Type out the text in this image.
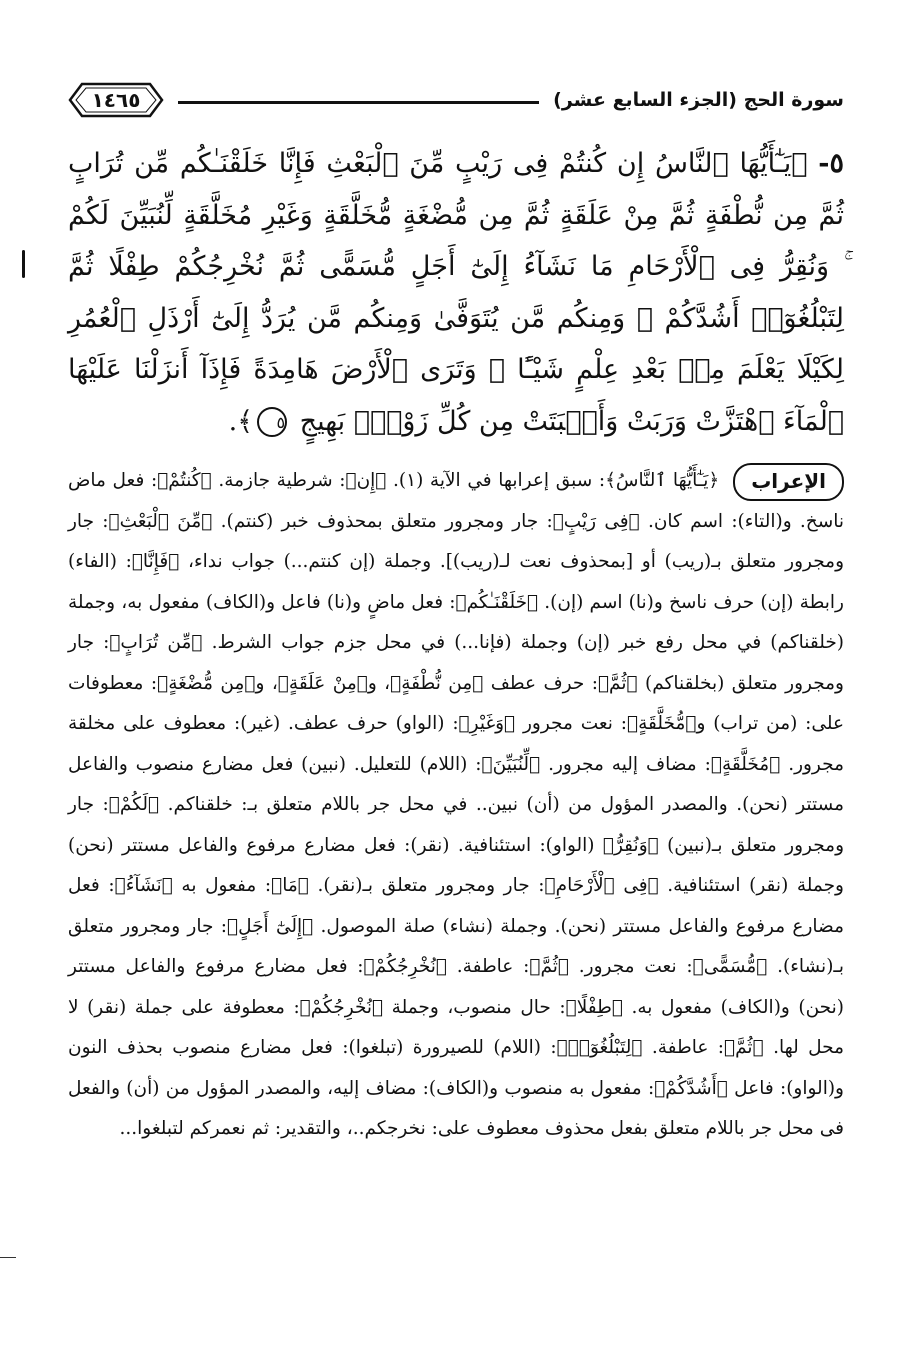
سورة الحج (الجزء السابع عشر)
١٤٦٥
٥- ﴿يَـٰٓأَيُّهَا ٱلنَّاسُ إِن كُنتُمْ فِى رَيْبٍ مِّنَ ٱلْبَعْثِ فَإِنَّا خَلَقْنَـٰكُم مِّن تُرَابٍ ثُمَّ مِن نُّطْفَةٍ ثُمَّ مِنْ عَلَقَةٍ ثُمَّ مِن مُّضْغَةٍ مُّخَلَّقَةٍ وَغَيْرِ مُخَلَّقَةٍ لِّنُبَيِّنَ لَكُمْ ۚ وَنُقِرُّ فِى ٱلْأَرْحَامِ مَا نَشَآءُ إِلَىٰٓ أَجَلٍ مُّسَمًّى ثُمَّ نُخْرِجُكُمْ طِفْلًا ثُمَّ لِتَبْلُغُوٓا۟ أَشُدَّكُمْ ۖ وَمِنكُم مَّن يُتَوَفَّىٰ وَمِنكُم مَّن يُرَدُّ إِلَىٰٓ أَرْذَلِ ٱلْعُمُرِ لِكَيْلَا يَعْلَمَ مِنۢ بَعْدِ عِلْمٍ شَيْـًٔا ۚ وَتَرَى ٱلْأَرْضَ هَامِدَةً فَإِذَآ أَنزَلْنَا عَلَيْهَا ٱلْمَآءَ ٱهْتَزَّتْ وَرَبَتْ وَأَنۢبَتَتْ مِن كُلِّ زَوْجٍۭ بَهِيجٍ ٥﴾.
الإعراب
﴿يَـٰٓأَيُّهَا ٱلنَّاسُ﴾: سبق إعرابها في الآية (١). ﴿إِن﴾: شرطية جازمة. ﴿كُنتُمْ﴾: فعل ماض ناسخ. و(التاء): اسم كان. ﴿فِى رَيْبٍ﴾: جار ومجرور متعلق بمحذوف خبر (كنتم). ﴿مِّنَ ٱلْبَعْثِ﴾: جار ومجرور متعلق بـ(ريب) أو [بمحذوف نعت لـ(ريب)]. وجملة (إن كنتم...) جواب نداء، ﴿فَإِنَّا﴾: (الفاء) رابطة (إن) حرف ناسخ و(نا) اسم (إن). ﴿خَلَقْنَـٰكُم﴾: فعل ماضٍ و(نا) فاعل و(الكاف) مفعول به، وجملة (خلقناكم) في محل رفع خبر (إن) وجملة (فإنا...) في محل جزم جواب الشرط. ﴿مِّن تُرَابٍ﴾: جار ومجرور متعلق (بخلقناكم) ﴿ثُمَّ﴾: حرف عطف ﴿مِن نُّطْفَةٍ﴾، و﴿مِنْ عَلَقَةٍ﴾، و﴿مِن مُّضْغَةٍ﴾: معطوفات على: (من تراب) و﴿مُّخَلَّقَةٍ﴾: نعت مجرور ﴿وَغَيْرِ﴾: (الواو) حرف عطف. (غير): معطوف على مخلقة مجرور. ﴿مُخَلَّقَةٍ﴾: مضاف إليه مجرور. ﴿لِّنُبَيِّنَ﴾: (اللام) للتعليل. (نبين) فعل مضارع منصوب والفاعل مستتر (نحن). والمصدر المؤول من (أن) نبين.. في محل جر باللام متعلق بـ: خلقناكم. ﴿لَكُمْ﴾: جار ومجرور متعلق بـ(نبين) ﴿وَنُقِرُّ﴾ (الواو): استئنافية. (نقر): فعل مضارع مرفوع والفاعل مستتر (نحن) وجملة (نقر) استئنافية. ﴿فِى ٱلْأَرْحَامِ﴾: جار ومجرور متعلق بـ(نقر). ﴿مَا﴾: مفعول به ﴿نَشَآءُ﴾: فعل مضارع مرفوع والفاعل مستتر (نحن). وجملة (نشاء) صلة الموصول. ﴿إِلَىٰٓ أَجَلٍ﴾: جار ومجرور متعلق بـ(نشاء). ﴿مُّسَمًّى﴾: نعت مجرور. ﴿ثُمَّ﴾: عاطفة. ﴿نُخْرِجُكُمْ﴾: فعل مضارع مرفوع والفاعل مستتر (نحن) و(الكاف) مفعول به. ﴿طِفْلًا﴾: حال منصوب، وجملة ﴿نُخْرِجُكُمْ﴾: معطوفة على جملة (نقر) لا محل لها. ﴿ثُمَّ﴾: عاطفة. ﴿لِتَبْلُغُوٓا۟﴾: (اللام) للصيرورة (تبلغوا): فعل مضارع منصوب بحذف النون و(الواو): فاعل ﴿أَشُدَّكُمْ﴾: مفعول به منصوب و(الكاف): مضاف إليه، والمصدر المؤول من (أن) والفعل فى محل جر باللام متعلق بفعل محذوف معطوف على: نخرجكم..، والتقدير: ثم نعمركم لتبلغوا...
